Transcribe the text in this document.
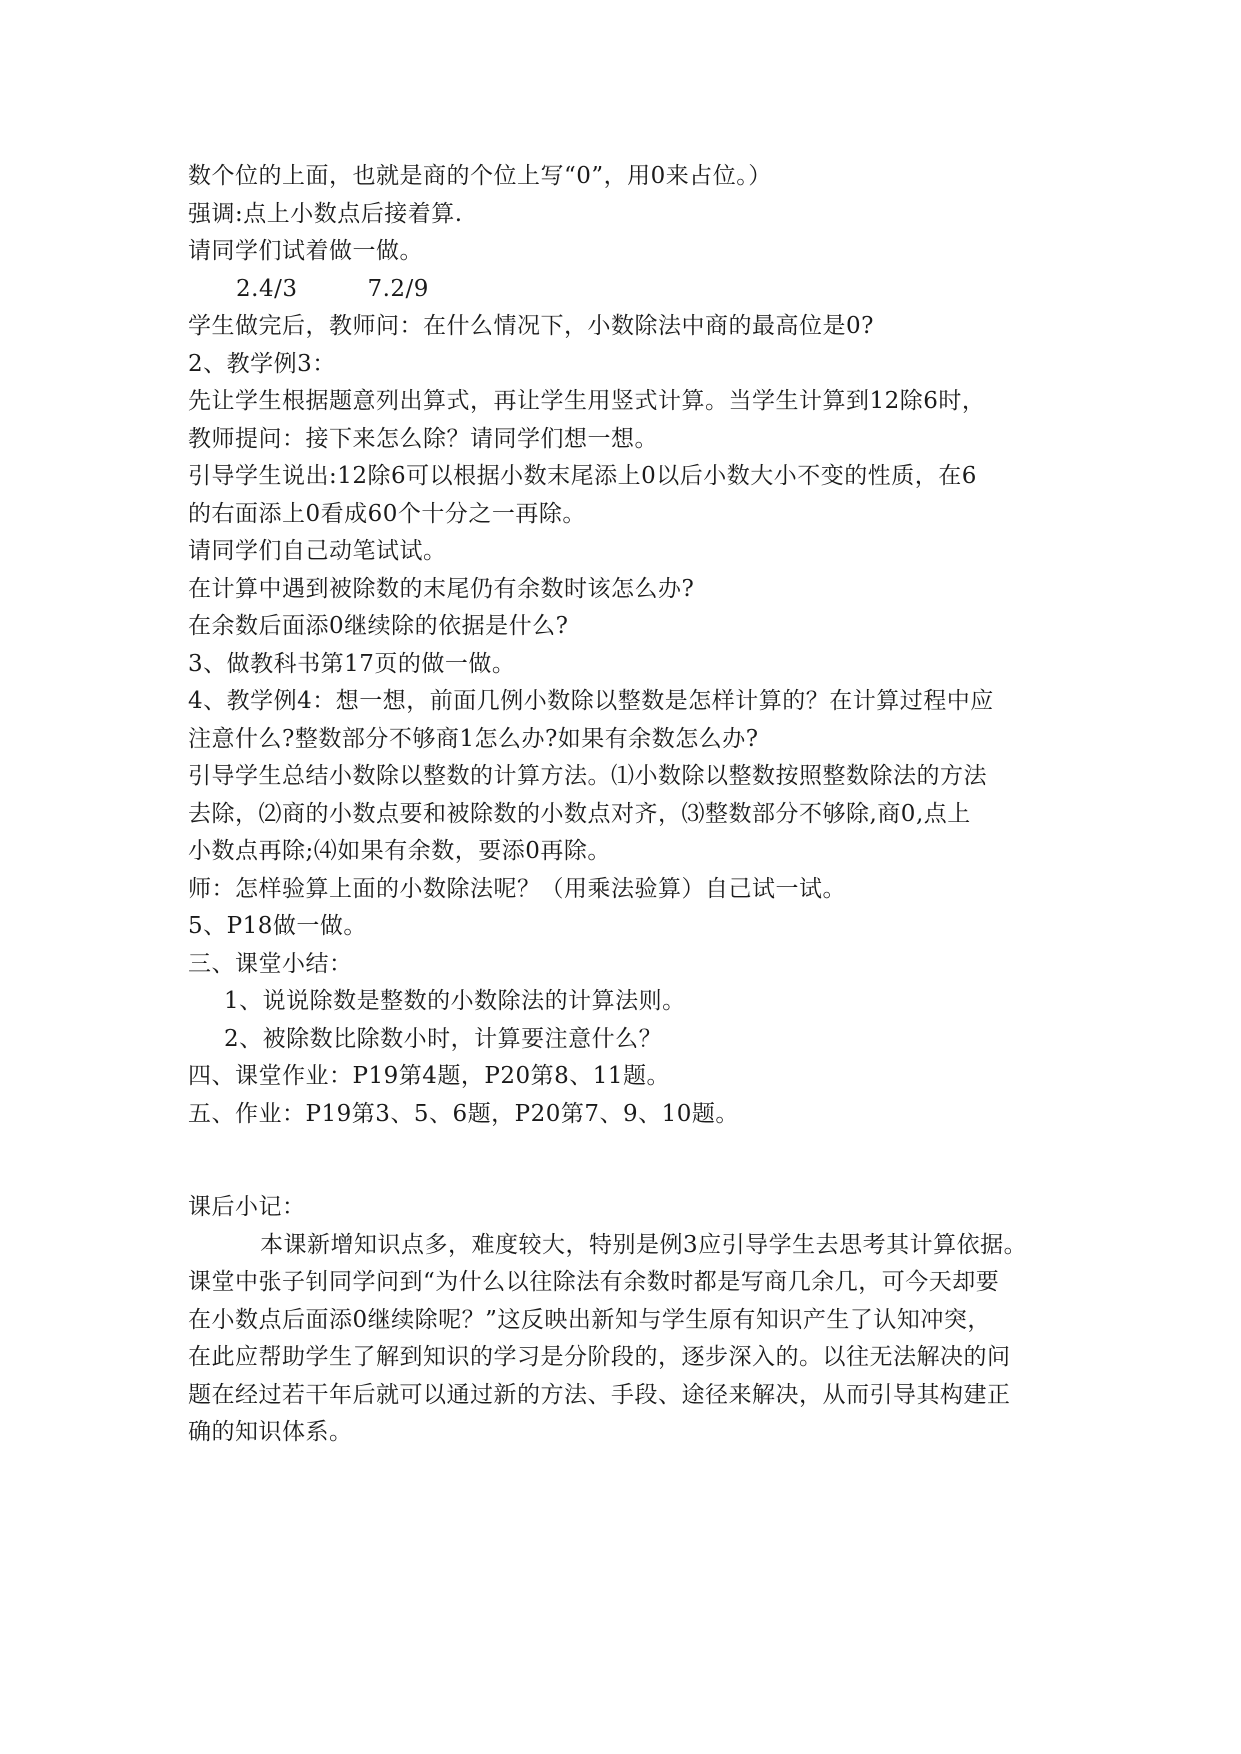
数个位的上面，也就是商的个位上写“0”，用0来占位。）
强调:点上小数点后接着算.
请同学们试着做一做。
2.4/3	7.2/9
学生做完后，教师问：在什么情况下，小数除法中商的最高位是0?
2、教学例3：
先让学生根据题意列出算式，再让学生用竖式计算。当学生计算到12除6时，
教师提问：接下来怎么除？请同学们想一想。
引导学生说出:12除6可以根据小数末尾添上0以后小数大小不变的性质，在6
的右面添上0看成60个十分之一再除。
请同学们自己动笔试试。
在计算中遇到被除数的末尾仍有余数时该怎么办?
在余数后面添0继续除的依据是什么?
3、做教科书第17页的做一做。
4、教学例4：想一想，前面几例小数除以整数是怎样计算的？在计算过程中应
注意什么?整数部分不够商1怎么办?如果有余数怎么办?
引导学生总结小数除以整数的计算方法。⑴小数除以整数按照整数除法的方法
去除，⑵商的小数点要和被除数的小数点对齐，⑶整数部分不够除,商0,点上
小数点再除;⑷如果有余数，要添0再除。
师：怎样验算上面的小数除法呢？（用乘法验算）自己试一试。
5、P18做一做。
三、课堂小结：
1、说说除数是整数的小数除法的计算法则。
2、被除数比除数小时，计算要注意什么？
四、课堂作业：P19第4题，P20第8、11题。
五、作业：P19第3、5、6题，P20第7、9、10题。
课后小记：
本课新增知识点多，难度较大，特别是例3应引导学生去思考其计算依据。
课堂中张子钊同学问到“为什么以往除法有余数时都是写商几余几，可今天却要
在小数点后面添0继续除呢？”这反映出新知与学生原有知识产生了认知冲突，
在此应帮助学生了解到知识的学习是分阶段的，逐步深入的。以往无法解决的问
题在经过若干年后就可以通过新的方法、手段、途径来解决，从而引导其构建正
确的知识体系。
